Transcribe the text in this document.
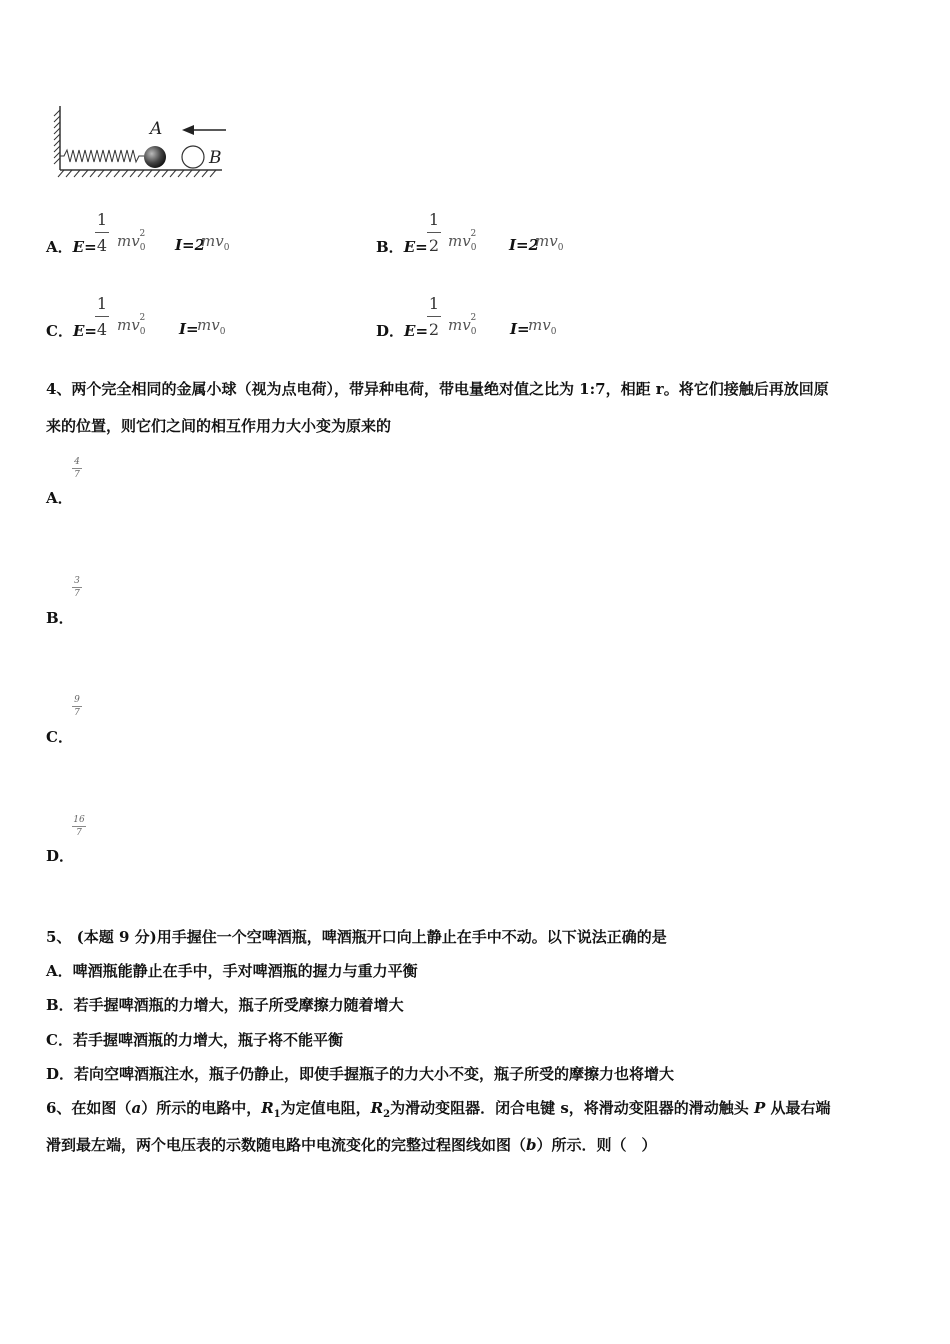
A
B
A．E=
1
4 $mv_0^2$
I=2
$mv_0$	B．E=
1
2 $mv_0^2$
I=2
$mv_0$
C．E=
1
4 $mv_0^2$
I=
$mv_0$	D．E=
1
2 $mv_0^2$
I=
$mv_0$
4、两个完全相同的金属小球（视为点电荷），带异种电荷，带电量绝对值之比为 1:7，相距 r。将它们接触后再放回原
来的位置，则它们之间的相互作用力大小变为原来的
4
7
A．
3
7
B．
9
7
C．
16
7
D．
5、 (本题 9 分)用手握住一个空啤酒瓶，啤酒瓶开口向上静止在手中不动。以下说法正确的是
A．啤酒瓶能静止在手中，手对啤酒瓶的握力与重力平衡
B．若手握啤酒瓶的力增大，瓶子所受摩擦力随着增大
C．若手握啤酒瓶的力增大，瓶子将不能平衡
D．若向空啤酒瓶注水，瓶子仍静止，即使手握瓶子的力大小不变，瓶子所受的摩擦力也将增大
6、在如图（a）所示的电路中，$R_1$为定值电阻，$R_2$为滑动变阻器．闭合电键 s，将滑动变阻器的滑动触头 P 从最右端
滑到最左端，两个电压表的示数随电路中电流变化的完整过程图线如图（b）所示．则（　）
